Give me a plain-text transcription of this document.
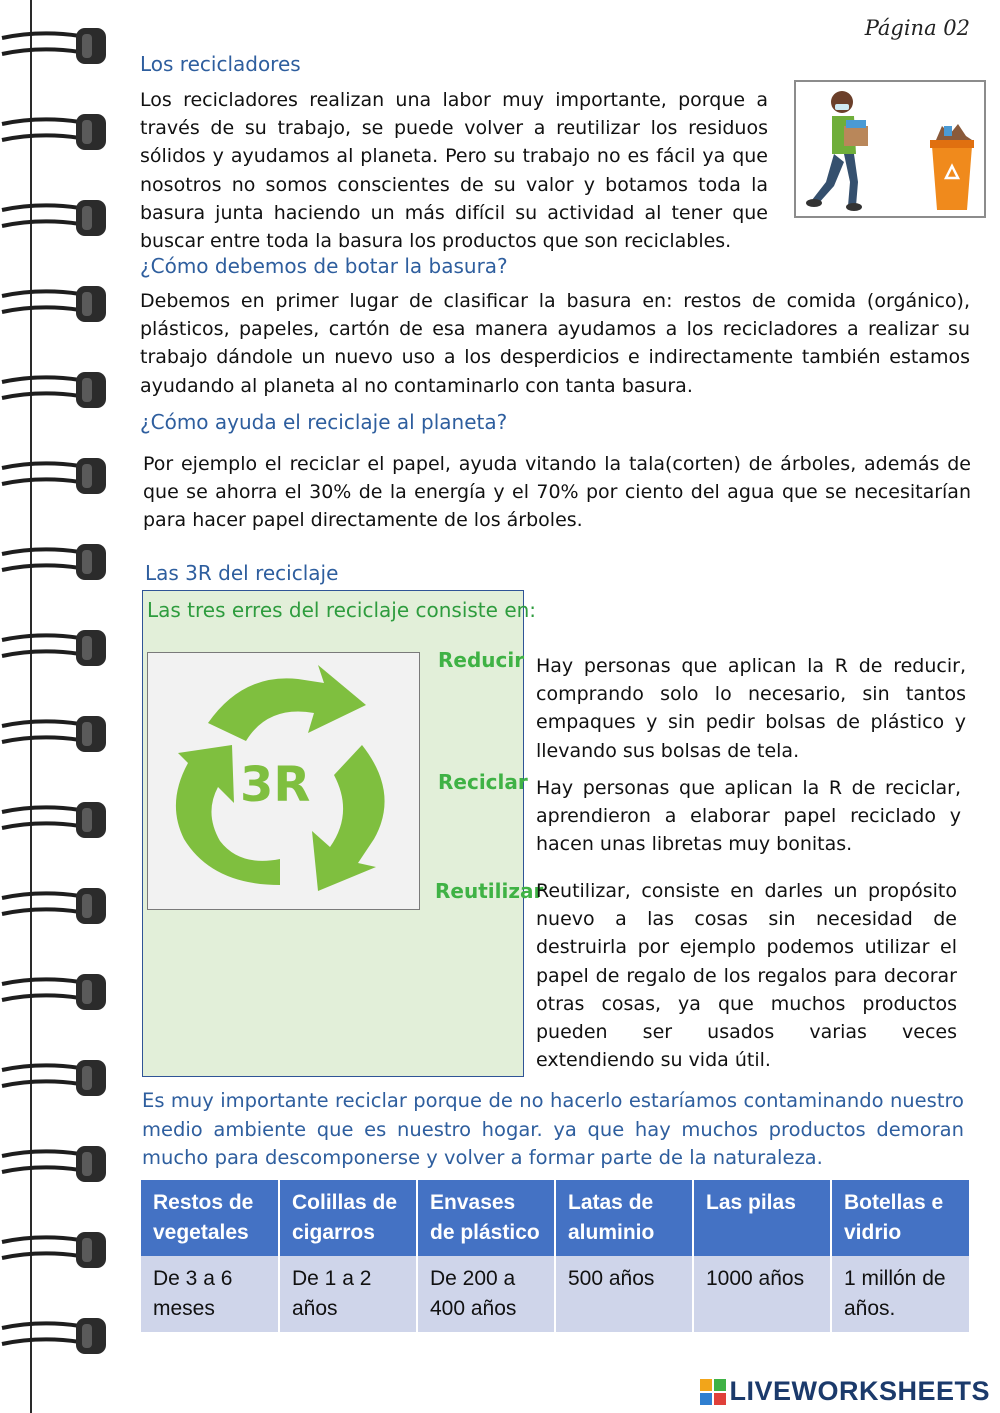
Página 02
Los recicladores
Los recicladores realizan una labor muy importante, porque a través de su trabajo, se puede volver a reutilizar los residuos sólidos y ayudamos al planeta. Pero su trabajo no es fácil ya que nosotros no somos conscientes de su valor y botamos toda la basura junta haciendo un más difícil su actividad al tener que buscar entre toda la basura los productos que son reciclables.
¿Cómo debemos de botar la basura?
Debemos en primer lugar de clasificar la basura en: restos de comida (orgánico), plásticos, papeles, cartón de esa manera ayudamos a los recicladores a realizar su trabajo dándole un nuevo uso a los desperdicios e indirectamente también estamos ayudando al planeta al no contaminarlo con tanta basura.
¿Cómo ayuda el reciclaje al planeta?
Por ejemplo el reciclar el papel, ayuda vitando la tala(corten) de árboles, además de que se ahorra el 30% de la energía y el 70% por ciento del agua que se necesitarían para hacer papel directamente de los árboles.
Las 3R del reciclaje
Las tres erres del reciclaje consiste en:
3R
Reducir Hay personas que aplican la R de reducir, comprando solo lo necesario, sin tantos empaques y sin pedir bolsas de plástico y llevando sus bolsas de tela.
Reciclar Hay personas que aplican la R de reciclar, aprendieron a elaborar papel reciclado y hacen unas libretas muy bonitas.
Reutilizar
Reutilizar, consiste en darles un propósito nuevo a las cosas sin necesidad de destruirla por ejemplo podemos utilizar el papel de regalo de los regalos para decorar otras cosas, ya que muchos productos pueden ser usados varias veces extendiendo su vida útil.
Es muy importante reciclar porque de no hacerlo estaríamos contaminando nuestro medio ambiente que es nuestro hogar. ya que hay muchos productos demoran mucho para descomponerse y volver a formar parte de la naturaleza.
Restos de vegetales	Colillas de cigarros	Envases de plástico	Latas de aluminio	Las pilas	Botellas e vidrio
De 3 a 6 meses	De 1 a 2 años	De 200 a 400 años	500 años	1000 años	1 millón de años.
LIVEWORKSHEETS
